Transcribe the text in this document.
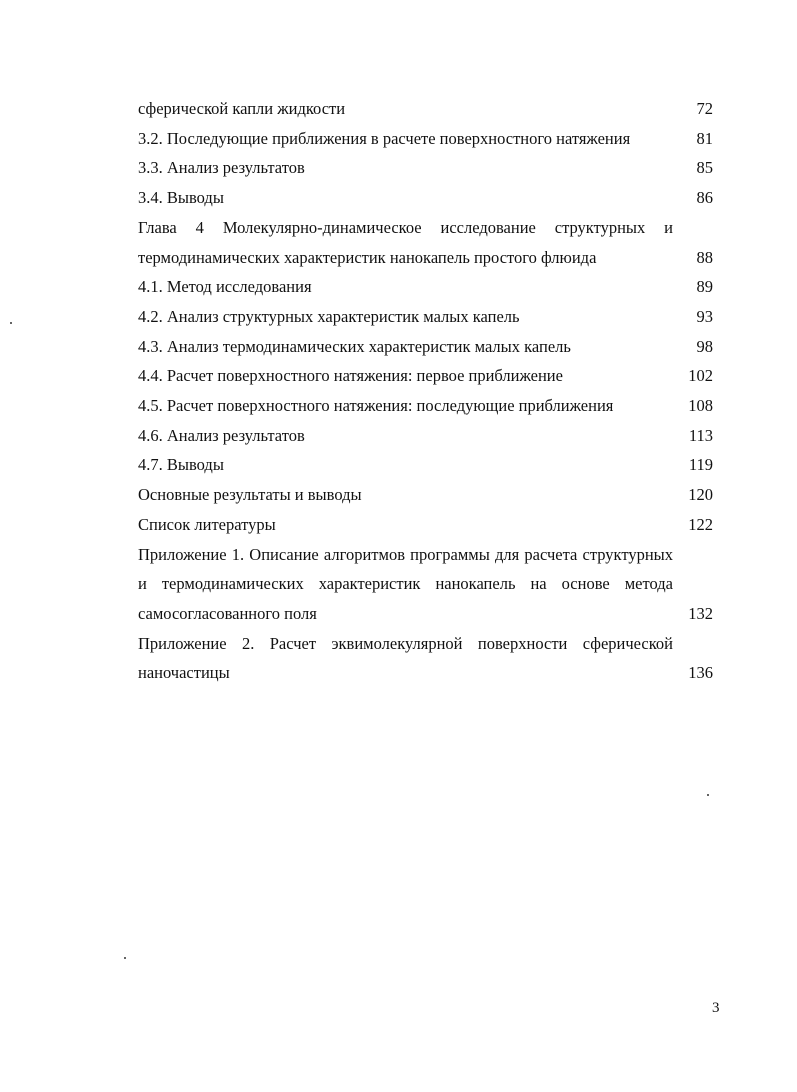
сферической капли жидкости	72
3.2. Последующие приближения в расчете поверхностного натяжения	81
3.3. Анализ результатов	85
3.4. Выводы	86
Глава 4 Молекулярно-динамическое исследование структурных и термодинамических характеристик нанокапель простого флюида	88
4.1. Метод исследования	89
4.2. Анализ структурных характеристик малых капель	93
4.3. Анализ термодинамических характеристик малых капель	98
4.4. Расчет поверхностного натяжения: первое приближение	102
4.5. Расчет поверхностного натяжения: последующие приближения	108
4.6. Анализ результатов	113
4.7. Выводы	119
Основные результаты и выводы	120
Список литературы	122
Приложение 1. Описание алгоритмов программы для расчета структурных и термодинамических характеристик нанокапель на основе метода самосогласованного поля	132
Приложение 2. Расчет эквимолекулярной поверхности сферической наночастицы	136
3
